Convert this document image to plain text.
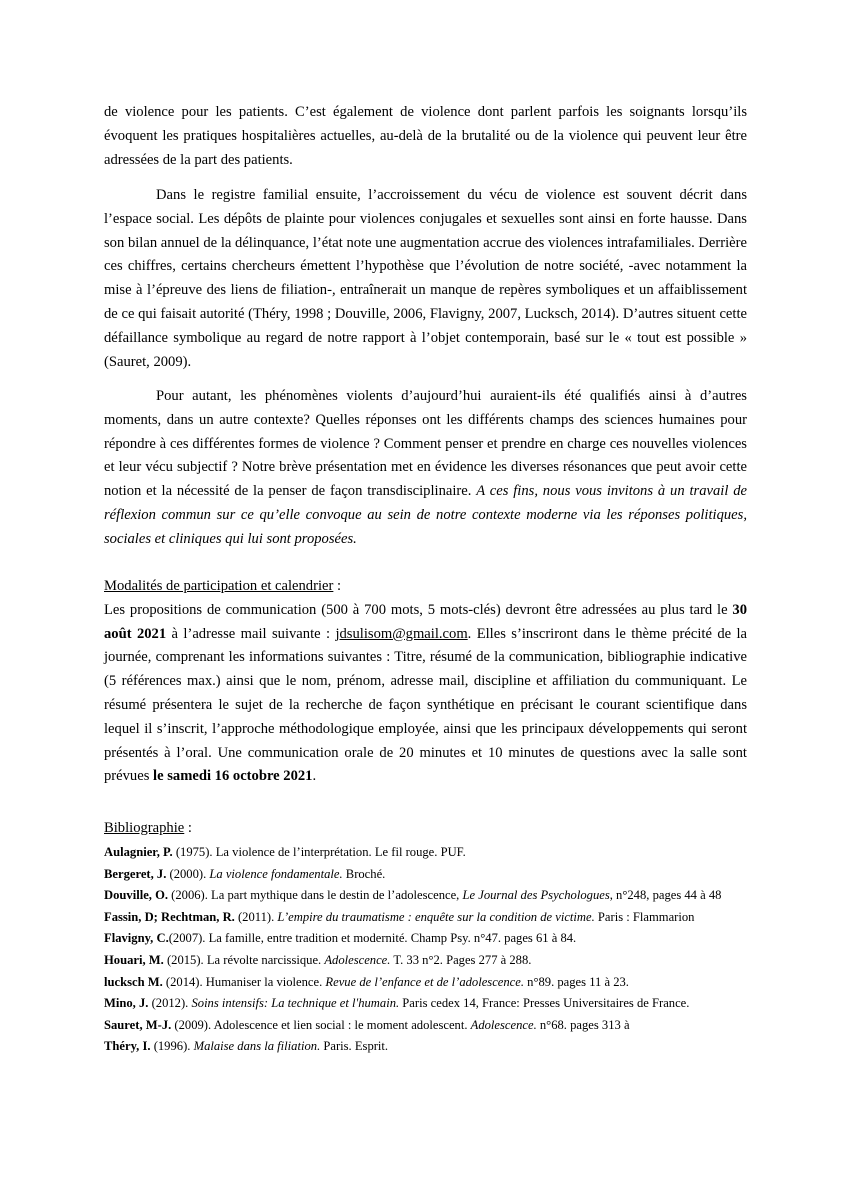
de violence pour les patients. C’est également de violence dont parlent parfois les soignants lorsqu’ils évoquent les pratiques hospitalières actuelles, au-delà de la brutalité ou de la violence qui peuvent leur être adressées de la part des patients.

Dans le registre familial ensuite, l’accroissement du vécu de violence est souvent décrit dans l’espace social. Les dépôts de plainte pour violences conjugales et sexuelles sont ainsi en forte hausse. Dans son bilan annuel de la délinquance, l’état note une augmentation accrue des violences intrafamiliales. Derrière ces chiffres, certains chercheurs émettent l’hypothèse que l’évolution de notre société, -avec notamment la mise à l’épreuve des liens de filiation-, entraînerait un manque de repères symboliques et un affaiblissement de ce qui faisait autorité (Théry, 1998 ; Douville, 2006, Flavigny, 2007, Lucksch, 2014). D’autres situent cette défaillance symbolique au regard de notre rapport à l’objet contemporain, basé sur le « tout est possible » (Sauret, 2009).

Pour autant, les phénomènes violents d’aujourd’hui auraient-ils été qualifiés ainsi à d’autres moments, dans un autre contexte? Quelles réponses ont les différents champs des sciences humaines pour répondre à ces différentes formes de violence ? Comment penser et prendre en charge ces nouvelles violences et leur vécu subjectif ? Notre brève présentation met en évidence les diverses résonances que peut avoir cette notion et la nécessité de la penser de façon transdisciplinaire. A ces fins, nous vous invitons à un travail de réflexion commun sur ce qu’elle convoque au sein de notre contexte moderne via les réponses politiques, sociales et cliniques qui lui sont proposées.

Modalités de participation et calendrier :
Les propositions de communication (500 à 700 mots, 5 mots-clés) devront être adressées au plus tard le 30 août 2021 à l’adresse mail suivante : jdsulisom@gmail.com. Elles s’inscriront dans le thème précité de la journée, comprenant les informations suivantes : Titre, résumé de la communication, bibliographie indicative (5 références max.) ainsi que le nom, prénom, adresse mail, discipline et affiliation du communiquant. Le résumé présentera le sujet de la recherche de façon synthétique en précisant le courant scientifique dans lequel il s’inscrit, l’approche méthodologique employée, ainsi que les principaux développements qui seront présentés à l’oral. Une communication orale de 20 minutes et 10 minutes de questions avec la salle sont prévues le samedi 16 octobre 2021.

Bibliographie :

Aulagnier, P. (1975). La violence de l’interprétation. Le fil rouge. PUF.
Bergeret, J. (2000). La violence fondamentale. Broché.
Douville, O. (2006). La part mythique dans le destin de l’adolescence, Le Journal des Psychologues, n°248, pages 44 à 48
Fassin, D; Rechtman, R. (2011). L’empire du traumatisme : enquête sur la condition de victime. Paris : Flammarion
Flavigny, C.(2007). La famille, entre tradition et modernité. Champ Psy. n°47. pages 61 à 84.
Houari, M. (2015). La révolte narcissique. Adolescence. T. 33 n°2. Pages 277 à 288.
lucksch M. (2014). Humaniser la violence. Revue de l’enfance et de l’adolescence. n°89. pages 11 à 23.
Mino, J. (2012). Soins intensifs: La technique et l'humain. Paris cedex 14, France: Presses Universitaires de France.
Sauret, M-J. (2009). Adolescence et lien social : le moment adolescent. Adolescence. n°68. pages 313 à
Théry, I. (1996). Malaise dans la filiation. Paris. Esprit.
